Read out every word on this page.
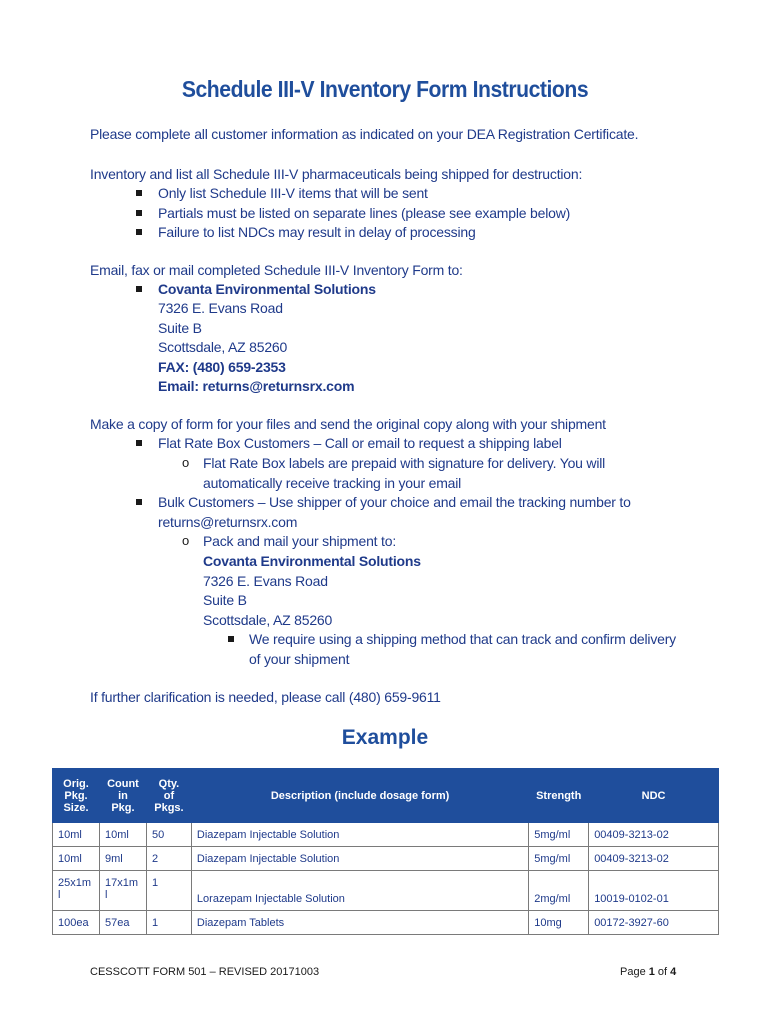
Schedule III-V Inventory Form Instructions
Please complete all customer information as indicated on your DEA Registration Certificate.
Inventory and list all Schedule III-V pharmaceuticals being shipped for destruction:
Only list Schedule III-V items that will be sent
Partials must be listed on separate lines (please see example below)
Failure to list NDCs may result in delay of processing
Email, fax or mail completed Schedule III-V Inventory Form to:
Covanta Environmental Solutions
7326 E. Evans Road
Suite B
Scottsdale, AZ 85260
FAX: (480) 659-2353
Email: returns@returnsrx.com
Make a copy of form for your files and send the original copy along with your shipment
Flat Rate Box Customers – Call or email to request a shipping label
o Flat Rate Box labels are prepaid with signature for delivery. You will
automatically receive tracking in your email
Bulk Customers – Use shipper of your choice and email the tracking number to
returns@returnsrx.com
o Pack and mail your shipment to:
Covanta Environmental Solutions
7326 E. Evans Road
Suite B
Scottsdale, AZ 85260
We require using a shipping method that can track and confirm delivery
of your shipment
If further clarification is needed, please call (480) 659-9611
Example
Orig.
Pkg.
Size.	Count
in
Pkg.	Qty.
of
Pkgs.	Description (include dosage form)	Strength	NDC
10ml	10ml	50	Diazepam Injectable Solution	5mg/ml	00409-3213-02
10ml	9ml	2	Diazepam Injectable Solution	5mg/ml	00409-3213-02
25x1m l	17x1m l	1	Lorazepam Injectable Solution	2mg/ml	10019-0102-01
100ea	57ea	1	Diazepam Tablets	10mg	00172-3927-60
CESSCOTT FORM 501 – REVISED 20171003	Page 1 of 4
